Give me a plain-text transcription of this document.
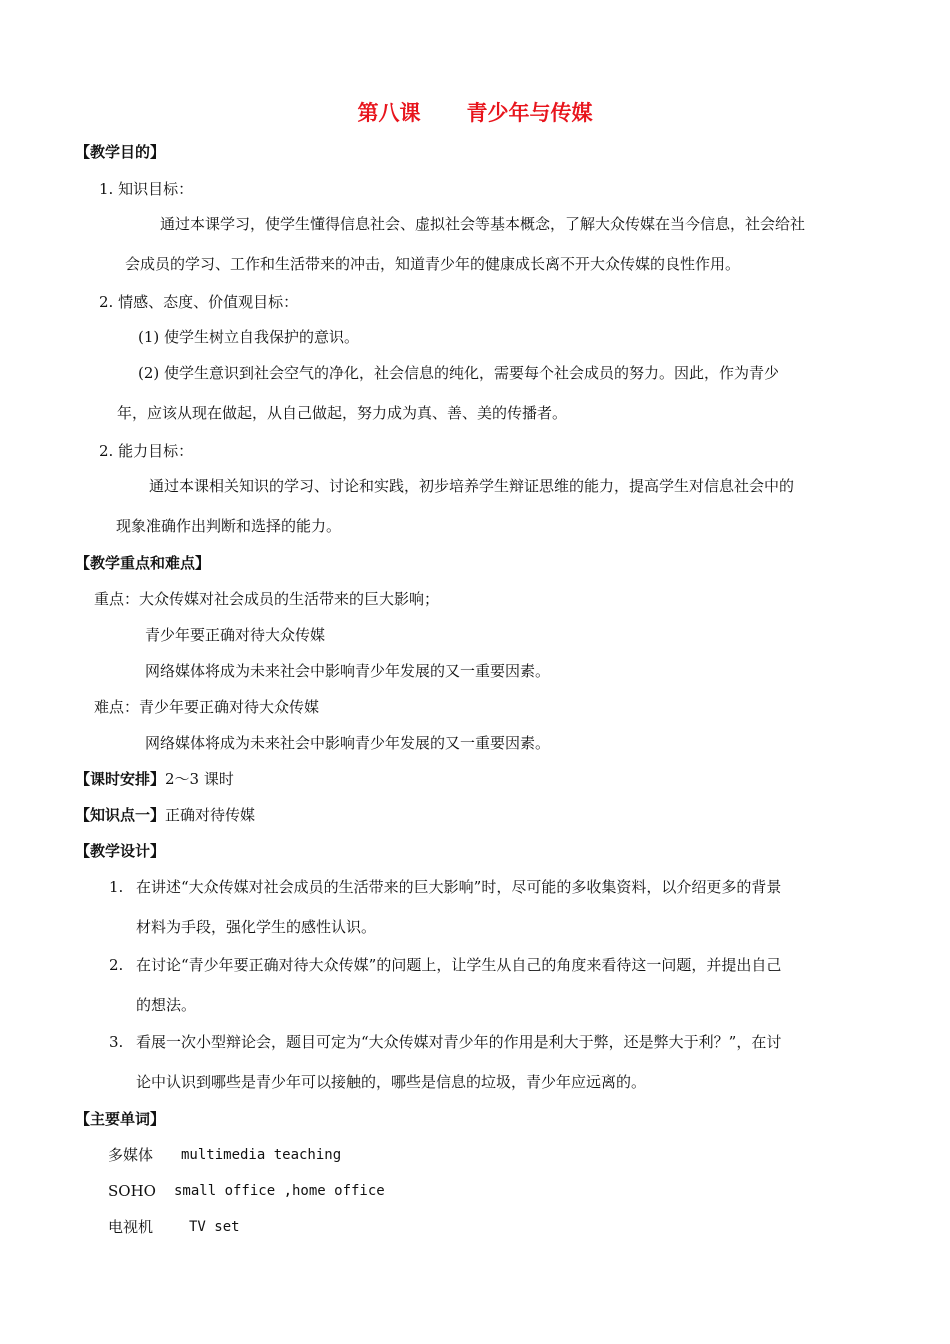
第八课 青少年与传媒
【教学目的】
1. 知识目标：
通过本课学习，使学生懂得信息社会、虚拟社会等基本概念，了解大众传媒在当今信息，社会给社
会成员的学习、工作和生活带来的冲击，知道青少年的健康成长离不开大众传媒的良性作用。
2. 情感、态度、价值观目标：
(1) 使学生树立自我保护的意识。
(2) 使学生意识到社会空气的净化，社会信息的纯化，需要每个社会成员的努力。因此，作为青少
年，应该从现在做起，从自己做起，努力成为真、善、美的传播者。
2. 能力目标：
通过本课相关知识的学习、讨论和实践，初步培养学生辩证思维的能力，提高学生对信息社会中的
现象准确作出判断和选择的能力。
【教学重点和难点】
重点：大众传媒对社会成员的生活带来的巨大影响；
青少年要正确对待大众传媒
网络媒体将成为未来社会中影响青少年发展的又一重要因素。
难点：青少年要正确对待大众传媒
网络媒体将成为未来社会中影响青少年发展的又一重要因素。
【课时安排】2～3 课时
【知识点一】正确对待传媒
【教学设计】
1. 在讲述“大众传媒对社会成员的生活带来的巨大影响”时，尽可能的多收集资料，以介绍更多的背景
材料为手段，强化学生的感性认识。
2. 在讨论“青少年要正确对待大众传媒”的问题上，让学生从自己的角度来看待这一问题，并提出自己
的想法。
3. 看展一次小型辩论会，题目可定为“大众传媒对青少年的作用是利大于弊，还是弊大于利？”，在讨
论中认识到哪些是青少年可以接触的，哪些是信息的垃圾，青少年应远离的。
【主要单词】
多媒体 multimedia teaching
SOHO small office ,home office
电视机	TV set
